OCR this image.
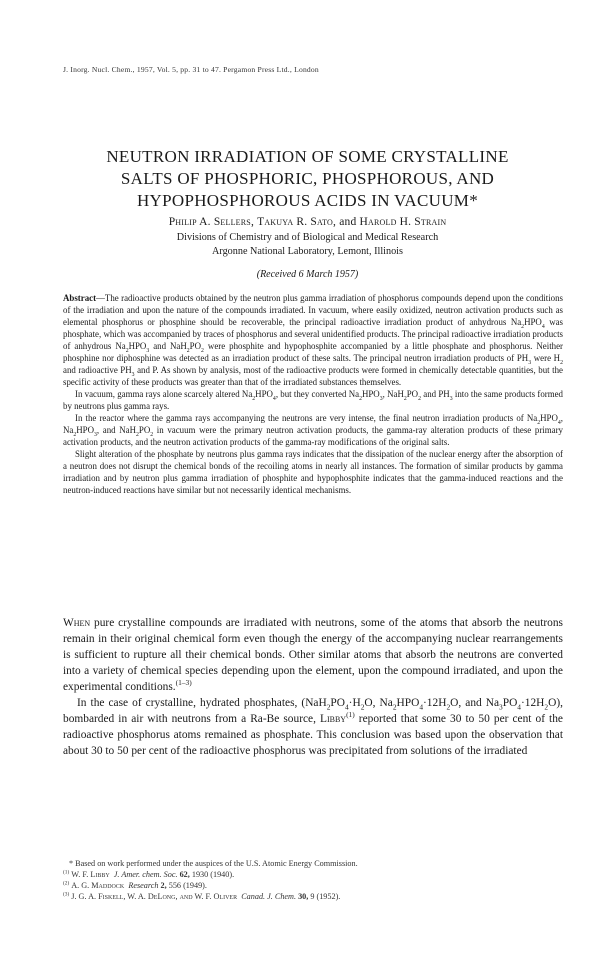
J. Inorg. Nucl. Chem., 1957, Vol. 5, pp. 31 to 47. Pergamon Press Ltd., London
NEUTRON IRRADIATION OF SOME CRYSTALLINE
SALTS OF PHOSPHORIC, PHOSPHOROUS, AND
HYPOPHOSPHOROUS ACIDS IN VACUUM*
Philip A. Sellers, Takuya R. Sato, and Harold H. Strain
Divisions of Chemistry and of Biological and Medical Research
Argonne National Laboratory, Lemont, Illinois
(Received 6 March 1957)

Abstract—The radioactive products obtained by the neutron plus gamma irradiation of phosphorus compounds depend upon the conditions of the irradiation and upon the nature of the compounds irradiated. In vacuum, where easily oxidized, neutron activation products such as elemental phosphorus or phosphine should be recoverable, the principal radioactive irradiation product of anhydrous $Na_2HPO_4$ was phosphate, which was accompanied by traces of phosphorus and several unidentified products. The principal radioactive irradiation products of anhydrous $Na_2HPO_3$ and $NaH_2PO_2$ were phosphite and hypophosphite accompanied by a little phosphate and phosphorus. Neither phosphine nor diphosphine was detected as an irradiation product of these salts. The principal neutron irradiation products of $PH_3$ were $H_2$ and radioactive $PH_3$ and P. As shown by analysis, most of the radioactive products were formed in chemically detectable quantities, but the specific activity of these products was greater than that of the irradiated substances themselves.

In vacuum, gamma rays alone scarcely altered $Na_2HPO_4$, but they converted $Na_2HPO_3$, $NaH_2PO_2$ and $PH_3$ into the same products formed by neutrons plus gamma rays.

In the reactor where the gamma rays accompanying the neutrons are very intense, the final neutron irradiation products of $Na_2HPO_4$, $Na_2HPO_3$, and $NaH_2PO_2$ in vacuum were the primary neutron activation products, the gamma-ray alteration products of these primary activation products, and the neutron activation products of the gamma-ray modifications of the original salts.

Slight alteration of the phosphate by neutrons plus gamma rays indicates that the dissipation of the nuclear energy after the absorption of a neutron does not disrupt the chemical bonds of the recoiling atoms in nearly all instances. The formation of similar products by gamma irradiation and by neutron plus gamma irradiation of phosphite and hypophosphite indicates that the gamma-induced reactions and the neutron-induced reactions have similar but not necessarily identical mechanisms.

When pure crystalline compounds are irradiated with neutrons, some of the atoms that absorb the neutrons remain in their original chemical form even though the energy of the accompanying nuclear rearrangements is sufficient to rupture all their chemical bonds. Other similar atoms that absorb the neutrons are converted into a variety of chemical species depending upon the element, upon the compound irradiated, and upon the experimental conditions.$^{(1-3)}$

In the case of crystalline, hydrated phosphates, ($NaH_2PO_4\cdot H_2O$, $Na_2HPO_4\cdot 12H_2O$, and $Na_3PO_4\cdot 12H_2O$), bombarded in air with neutrons from a Ra-Be source, Libby$^{(1)}$ reported that some 30 to 50 per cent of the radioactive phosphorus atoms remained as phosphate. This conclusion was based upon the observation that about 30 to 50 per cent of the radioactive phosphorus was precipitated from solutions of the irradiated

* Based on work performed under the auspices of the U.S. Atomic Energy Commission.
$^{(1)}$ W. F. Libby J. Amer. chem. Soc. 62, 1930 (1940).
$^{(2)}$ A. G. Maddock Research 2, 556 (1949).
$^{(3)}$ J. G. A. Fiskell, W. A. DeLong, and W. F. Oliver Canad. J. Chem. 30, 9 (1952).
